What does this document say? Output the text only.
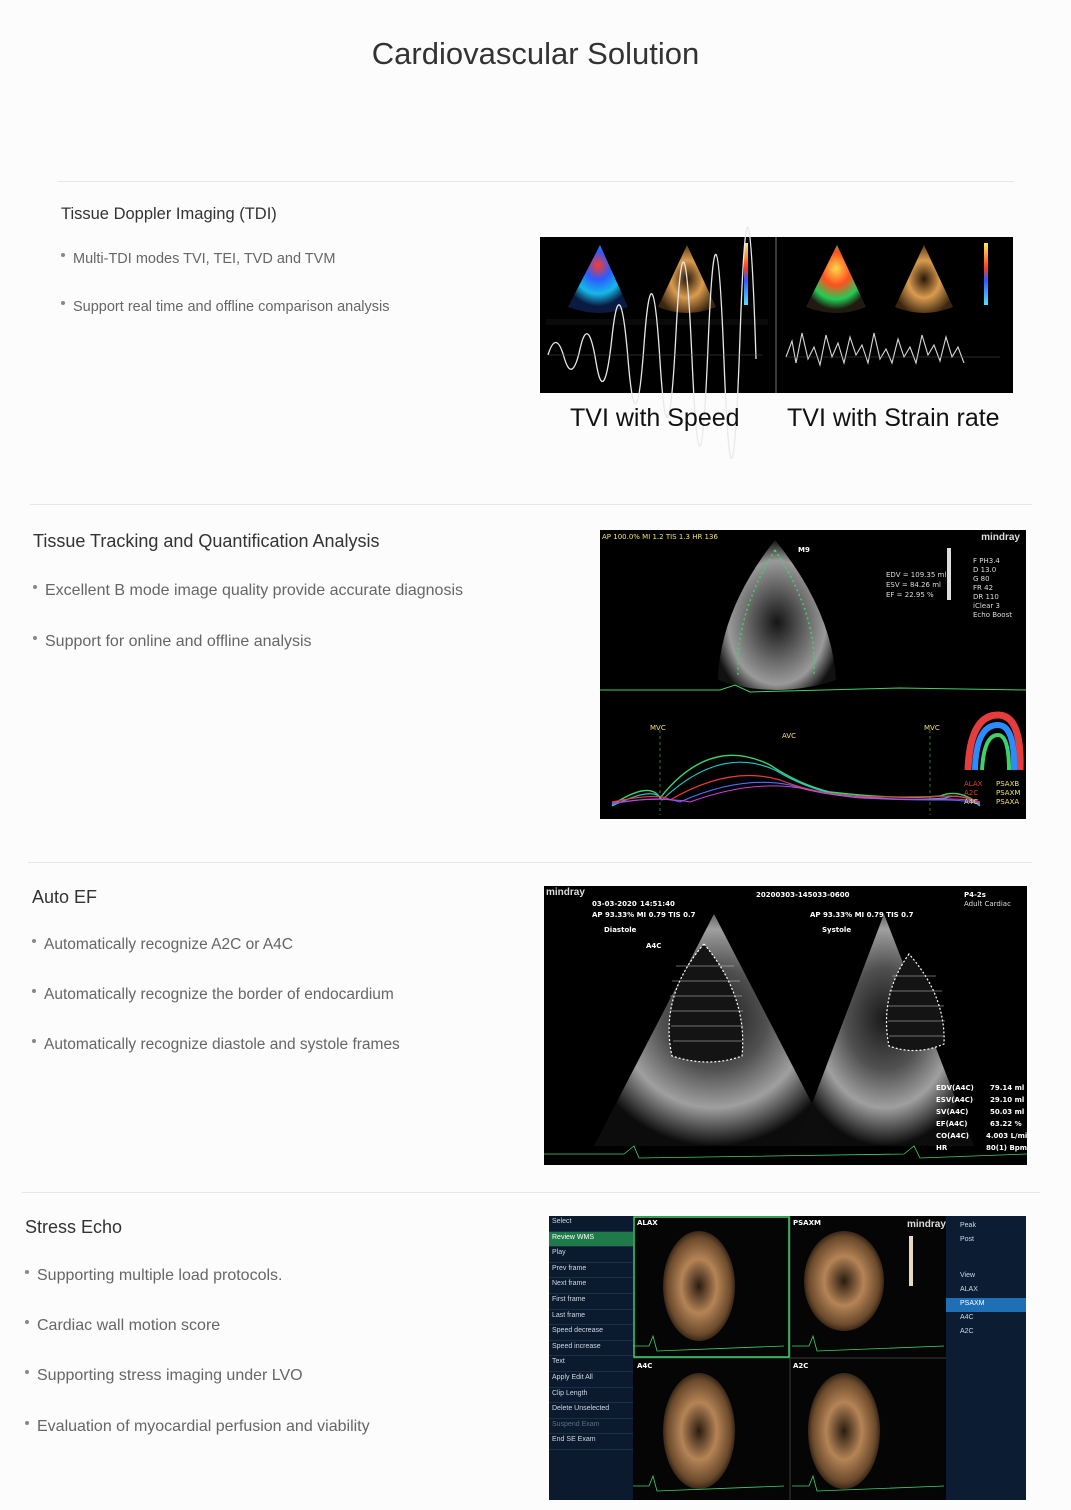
Cardiovascular Solution
Tissue Doppler Imaging (TDI)
Multi-TDI modes TVI, TEI, TVD and TVM
Support real time and offline comparison analysis
TVI with Speed TVI with Strain rate
Tissue Tracking and Quantification Analysis
Excellent B mode image quality provide accurate diagnosis
Support for online and offline analysis
AP 100.0% MI 1.2 TIS 1.3 HR 136	mindray
M9
F PH3.4
D 13.0
G 80
FR 42
DR 110
iClear 3
Echo Boost
EDV = 109.35 ml
ESV = 84.26 ml
EF = 22.95 %
MVC
AVC
MVC
ALAX
A2C
A4C
PSAXB
PSAXM
PSAXA
Auto EF
Automatically recognize A2C or A4C
Automatically recognize the border of endocardium
Automatically recognize diastole and systole frames
mindray	20200303-145033-0600	P4-2s
Adult Cardiac
03-03-2020 14:51:40
AP 93.33% MI 0.79 TIS 0.7	AP 93.33% MI 0.79 TIS 0.7
Diastole	Systole
A4C
EDV(A4C) 79.14 ml
ESV(A4C) 29.10 ml
SV(A4C)	50.03 ml
EF(A4C)	63.22 %
CO(A4C) 4.003 L/min
HR	80(1) Bpm
Stress Echo
Supporting multiple load protocols.
Cardiac wall motion score
Supporting stress imaging under LVO
Evaluation of myocardial perfusion and viability
Select
Review WMS
Play
Prev frame
Next frame
First frame
Last frame
Speed decrease
Speed increase
Text
Apply Edit All
Clip Length
Delete Unselected
Suspend Exam
End SE Exam
ALAX	PSAXM
A4C	A2C
mindray	Peak
Post
View
ALAX
PSAXM
A4C
A2C
